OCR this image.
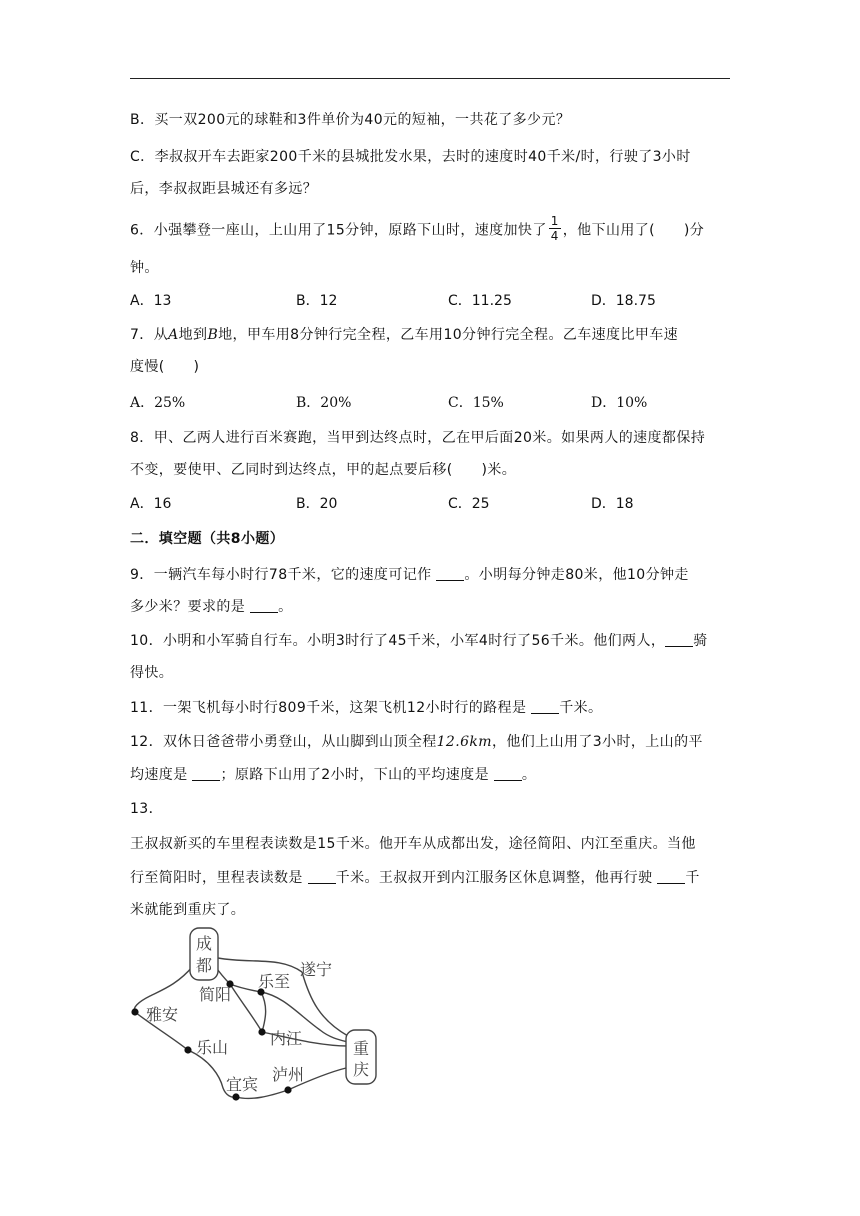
B．买一双200元的球鞋和3件单价为40元的短袖，一共花了多少元？
C．李叔叔开车去距家200千米的县城批发水果，去时的速度时40千米/时，行驶了3小时
后，李叔叔距县城还有多远？
6．小强攀登一座山，上山用了15分钟，原路下山时，速度加快了 $\frac{1}{4}$ ，他下山用了(　　)分
钟。
A．13	B．12	C．11.25	D．18.75
7．从A地到B地，甲车用8分钟行完全程，乙车用10分钟行完全程。乙车速度比甲车速
度慢(　　)
A．25%	B．20%	C．15%	D．10%
8．甲、乙两人进行百米赛跑，当甲到达终点时，乙在甲后面20米。如果两人的速度都保持
不变，要使甲、乙同时到达终点，甲的起点要后移(　　)米。
A．16	B．20	C．25	D．18
二．填空题（共8小题）
9．一辆汽车每小时行78千米，它的速度可记作 。小明每分钟走80米，他10分钟走
多少米？要求的是 。
10．小明和小军骑自行车。小明3时行了45千米，小军4时行了56千米。他们两人， 骑
得快。
11．一架飞机每小时行809千米，这架飞机12小时行的路程是 千米。
12．双休日爸爸带小勇登山，从山脚到山顶全程12.6km，他们上山用了3小时，上山的平
均速度是 ；原路下山用了2小时，下山的平均速度是 。
13．
王叔叔新买的车里程表读数是15千米。他开车从成都出发，途径简阳、内江至重庆。当他
行至简阳时，里程表读数是 千米。王叔叔开到内江服务区休息调整，他再行驶 千
米就能到重庆了。
成
都	遂宁
乐至
简阳
雅安
内江
重
庆
乐山
泸州
宜宾
